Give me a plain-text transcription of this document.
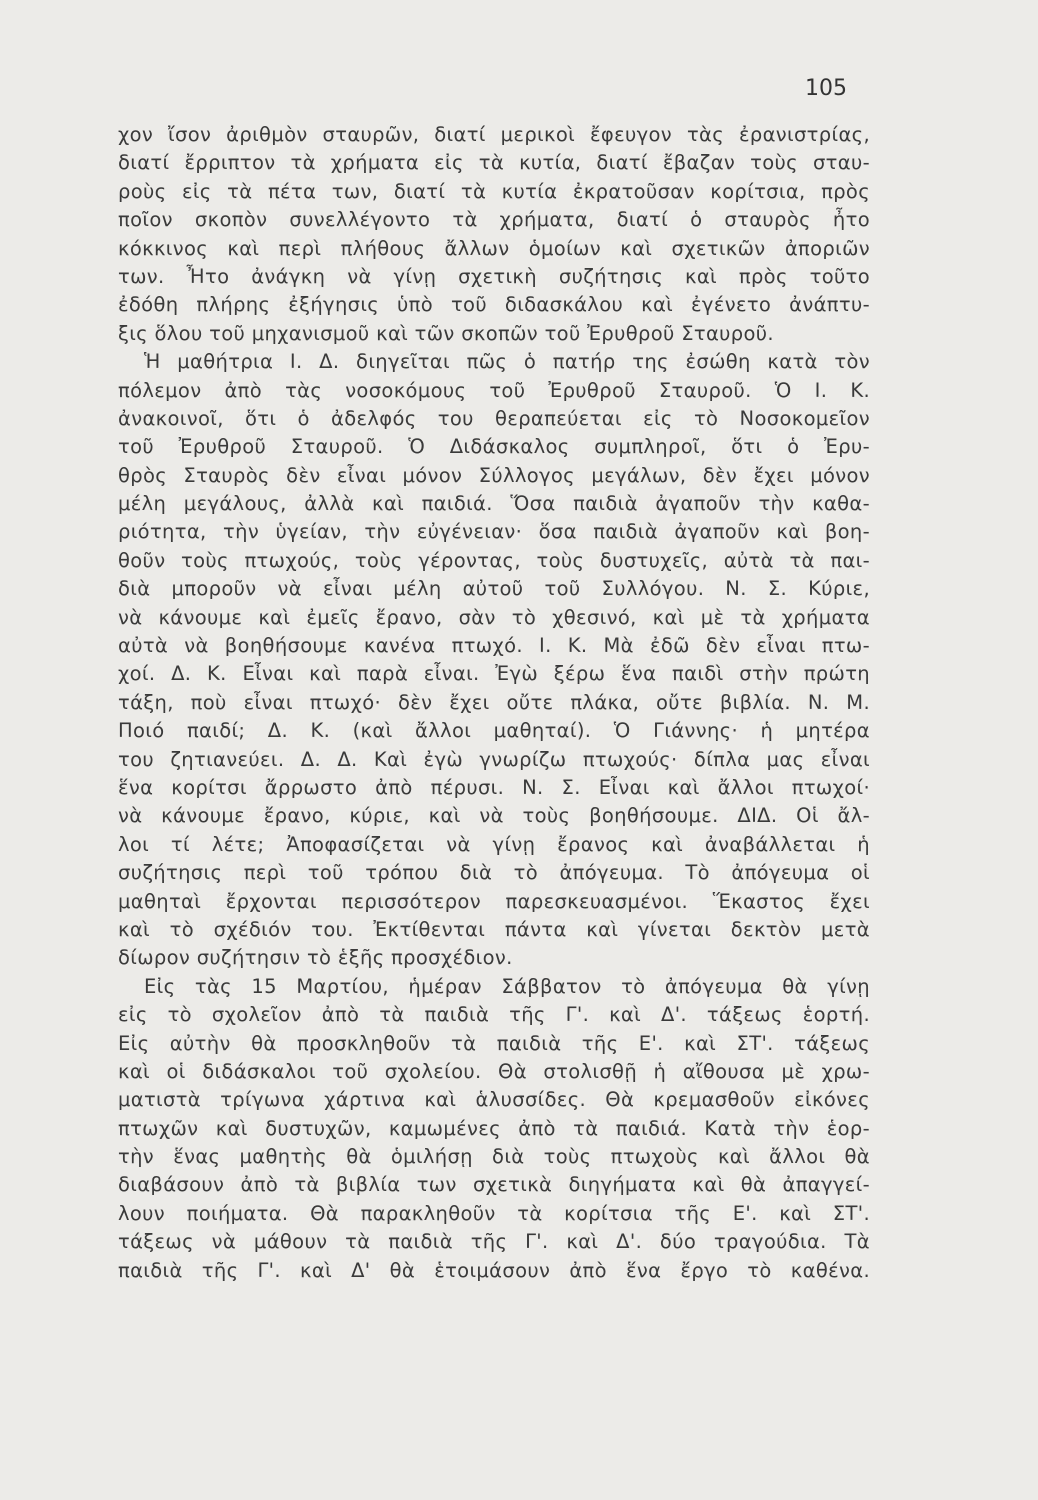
105
χον ἴσον ἀριθμὸν σταυρῶν, διατί μερικοὶ ἔφευγον τὰς ἐρανιστρίας,
διατί ἔρριπτον τὰ χρήματα εἰς τὰ κυτία, διατί ἔβαζαν τοὺς σταυ-
ροὺς εἰς τὰ πέτα των, διατί τὰ κυτία ἐκρατοῦσαν κορίτσια, πρὸς
ποῖον σκοπὸν συνελλέγοντο τὰ χρήματα, διατί ὁ σταυρὸς ἦτο
κόκκινος καὶ περὶ πλήθους ἄλλων ὁμοίων καὶ σχετικῶν ἀποριῶν
των. Ἦτο ἀνάγκη νὰ γίνῃ σχετικὴ συζήτησις καὶ πρὸς τοῦτο
ἐδόθη πλήρης ἐξήγησις ὑπὸ τοῦ διδασκάλου καὶ ἐγένετο ἀνάπτυ-
ξις ὅλου τοῦ μηχανισμοῦ καὶ τῶν σκοπῶν τοῦ Ἐρυθροῦ Σταυροῦ.
Ἡ μαθήτρια Ι. Δ. διηγεῖται πῶς ὁ πατήρ της ἐσώθη κατὰ τὸν
πόλεμον ἀπὸ τὰς νοσοκόμους τοῦ Ἐρυθροῦ Σταυροῦ. Ὁ Ι. Κ.
ἀνακοινοῖ, ὅτι ὁ ἀδελφός του θεραπεύεται εἰς τὸ Νοσοκομεῖον
τοῦ Ἐρυθροῦ Σταυροῦ. Ὁ Διδάσκαλος συμπληροῖ, ὅτι ὁ Ἐρυ-
θρὸς Σταυρὸς δὲν εἶναι μόνον Σύλλογος μεγάλων, δὲν ἔχει μόνον
μέλη μεγάλους, ἀλλὰ καὶ παιδιά. Ὅσα παιδιὰ ἀγαποῦν τὴν καθα-
ριότητα, τὴν ὑγείαν, τὴν εὐγένειαν· ὅσα παιδιὰ ἀγαποῦν καὶ βοη-
θοῦν τοὺς πτωχούς, τοὺς γέροντας, τοὺς δυστυχεῖς, αὐτὰ τὰ παι-
διὰ μποροῦν νὰ εἶναι μέλη αὐτοῦ τοῦ Συλλόγου. Ν. Σ. Κύριε,
νὰ κάνουμε καὶ ἐμεῖς ἔρανο, σὰν τὸ χθεσινό, καὶ μὲ τὰ χρήματα
αὐτὰ νὰ βοηθήσουμε κανένα πτωχό. Ι. Κ. Μὰ ἐδῶ δὲν εἶναι πτω-
χοί. Δ. Κ. Εἶναι καὶ παρὰ εἶναι. Ἐγὼ ξέρω ἕνα παιδὶ στὴν πρώτη
τάξη, ποὺ εἶναι πτωχό· δὲν ἔχει οὔτε πλάκα, οὔτε βιβλία. Ν. Μ.
Ποιό παιδί; Δ. Κ. (καὶ ἄλλοι μαθηταί). Ὁ Γιάννης· ἡ μητέρα
του ζητιανεύει. Δ. Δ. Καὶ ἐγὼ γνωρίζω πτωχούς· δίπλα μας εἶναι
ἕνα κορίτσι ἄρρωστο ἀπὸ πέρυσι. Ν. Σ. Εἶναι καὶ ἄλλοι πτωχοί·
νὰ κάνουμε ἔρανο, κύριε, καὶ νὰ τοὺς βοηθήσουμε. ΔΙΔ. Οἱ ἄλ-
λοι τί λέτε; Ἀποφασίζεται νὰ γίνῃ ἔρανος καὶ ἀναβάλλεται ἡ
συζήτησις περὶ τοῦ τρόπου διὰ τὸ ἀπόγευμα. Τὸ ἀπόγευμα οἱ
μαθηταὶ ἔρχονται περισσότερον παρεσκευασμένοι. Ἕκαστος ἔχει
καὶ τὸ σχέδιόν του. Ἐκτίθενται πάντα καὶ γίνεται δεκτὸν μετὰ
δίωρον συζήτησιν τὸ ἑξῆς προσχέδιον.
Εἰς τὰς 15 Μαρτίου, ἡμέραν Σάββατον τὸ ἀπόγευμα θὰ γίνῃ
εἰς τὸ σχολεῖον ἀπὸ τὰ παιδιὰ τῆς Γ'. καὶ Δ'. τάξεως ἑορτή.
Εἰς αὐτὴν θὰ προσκληθοῦν τὰ παιδιὰ τῆς Ε'. καὶ ΣΤ'. τάξεως
καὶ οἱ διδάσκαλοι τοῦ σχολείου. Θὰ στολισθῇ ἡ αἴθουσα μὲ χρω-
ματιστὰ τρίγωνα χάρτινα καὶ ἁλυσσίδες. Θὰ κρεμασθοῦν εἰκόνες
πτωχῶν καὶ δυστυχῶν, καμωμένες ἀπὸ τὰ παιδιά. Κατὰ τὴν ἑορ-
τὴν ἕνας μαθητὴς θὰ ὁμιλήσῃ διὰ τοὺς πτωχοὺς καὶ ἄλλοι θὰ
διαβάσουν ἀπὸ τὰ βιβλία των σχετικὰ διηγήματα καὶ θὰ ἀπαγγεί-
λουν ποιήματα. Θὰ παρακληθοῦν τὰ κορίτσια τῆς Ε'. καὶ ΣΤ'.
τάξεως νὰ μάθουν τὰ παιδιὰ τῆς Γ'. καὶ Δ'. δύο τραγούδια. Τὰ
παιδιὰ τῆς Γ'. καὶ Δ' θὰ ἑτοιμάσουν ἀπὸ ἕνα ἔργο τὸ καθένα.
